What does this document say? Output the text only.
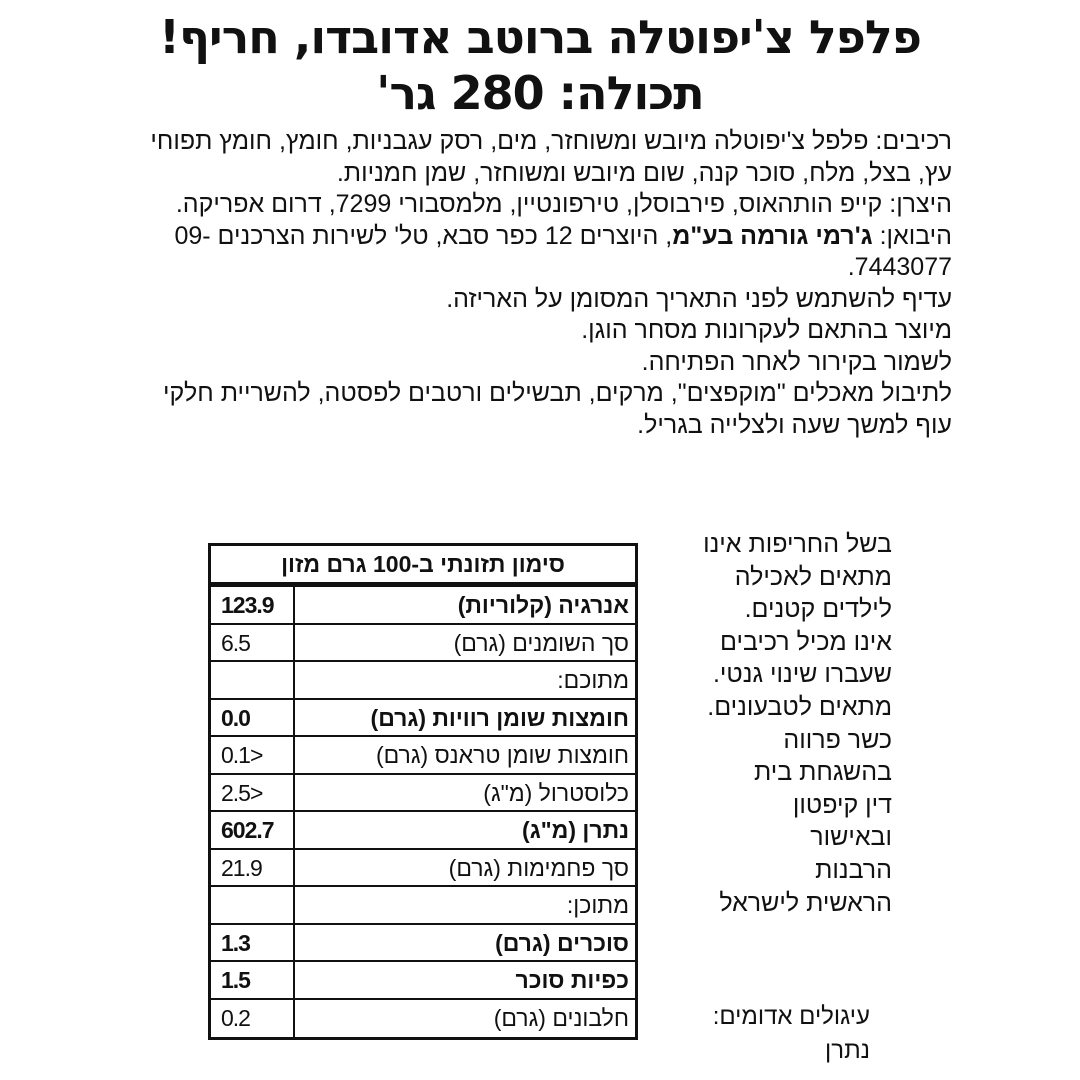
פלפל צ'יפוטלה ברוטב אדובדו, חריף!
תכולה: 280 גר'

רכיבים: פלפל צ'יפוטלה מיובש ומשוחזר, מים, רסק עגבניות, חומץ, חומץ תפוחי עץ, בצל, מלח, סוכר קנה, שום מיובש ומשוחזר, שמן חמניות.

היצרן: קייפ הותהאוס, פירבוסלן, טירפונטיין, מלמסבורי 7299, דרום אפריקה.

היבואן: ג'רמי גורמה בע"מ, היוצרים 12 כפר סבא, טל' לשירות הצרכנים 09-7443077.

עדיף להשתמש לפני התאריך המסומן על האריזה.

מיוצר בהתאם לעקרונות מסחר הוגן.

לשמור בקירור לאחר הפתיחה.

לתיבול מאכלים "מוקפצים", מרקים, תבשילים ורטבים לפסטה, להשריית חלקי עוף למשך שעה ולצלייה בגריל.

סימון תזונתי ב-100 גרם מזון
אנרגיה (קלוריות)
123.9
סך השומנים (גרם)
6.5
מתוכם:
חומצות שומן רוויות (גרם)
0.0
חומצות שומן טראנס (גרם)
0.1>
כלוסטרול (מ"ג)
2.5>
נתרן (מ"ג)
602.7
סך פחמימות (גרם)
21.9
מתוכן:
סוכרים (גרם)
1.3
כפיות סוכר
1.5
חלבונים (גרם)
0.2

בשל החריפות אינו

מתאים לאכילה

לילדים קטנים.

אינו מכיל רכיבים

שעברו שינוי גנטי.

מתאים לטבעונים.

כשר פרווה

בהשגחת בית

דין קיפטון

ובאישור

הרבנות

הראשית לישראל

עיגולים אדומים:

נתרן
